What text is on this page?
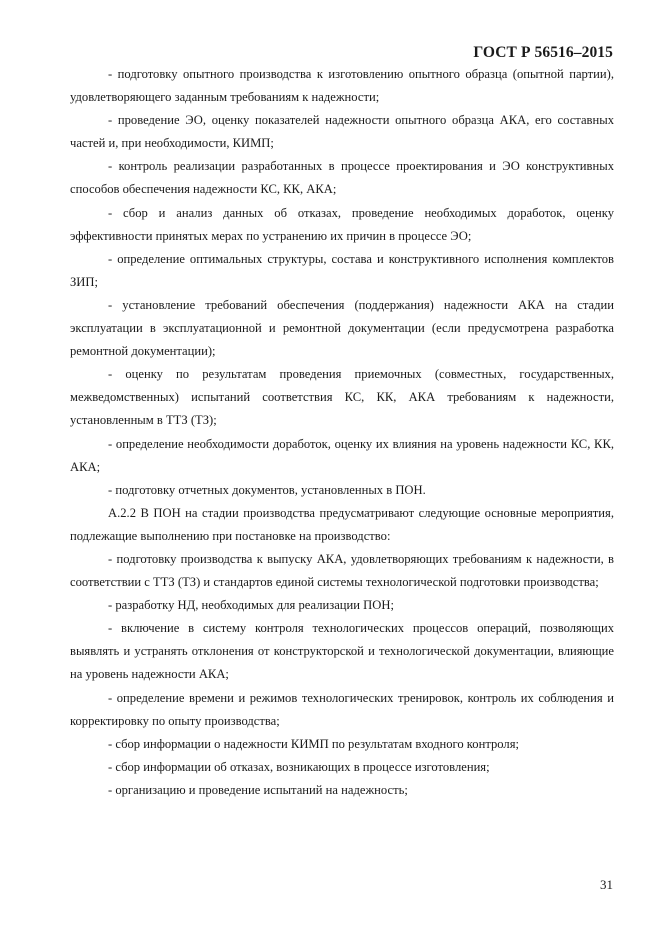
ГОСТ Р 56516–2015

- подготовку опытного производства к изготовлению опытного образца (опытной партии), удовлетворяющего заданным требованиям к надежности;

- проведение ЭО, оценку показателей надежности опытного образца АКА, его составных частей и, при необходимости, КИМП;

- контроль реализации разработанных в процессе проектирования и ЭО конструктивных способов обеспечения надежности КС, КК, АКА;

- сбор и анализ данных об отказах, проведение необходимых доработок, оценку эффективности принятых мерах по устранению их причин в процессе ЭО;

- определение оптимальных структуры, состава и конструктивного исполнения комплектов ЗИП;

- установление требований обеспечения (поддержания) надежности АКА на стадии эксплуатации в эксплуатационной и ремонтной документации (если предусмотрена разработка ремонтной документации);

- оценку по результатам проведения приемочных (совместных, государственных, межведомственных) испытаний соответствия КС, КК, АКА требованиям к надежности, установленным в ТТЗ (ТЗ);

- определение необходимости доработок, оценку их влияния на уровень надежности КС, КК, АКА;

- подготовку отчетных документов, установленных в ПОН.

А.2.2 В ПОН на стадии производства предусматривают следующие основные мероприятия, подлежащие выполнению при постановке на производство:

- подготовку производства к выпуску АКА, удовлетворяющих требованиям к надежности, в соответствии с ТТЗ (ТЗ) и стандартов единой системы технологической подготовки производства;

- разработку НД, необходимых для реализации ПОН;

- включение в систему контроля технологических процессов операций, позволяющих выявлять и устранять отклонения от конструкторской и технологической документации, влияющие на уровень надежности АКА;

- определение времени и режимов технологических тренировок, контроль их соблюдения и корректировку по опыту производства;

- сбор информации о надежности КИМП по результатам входного контроля;

- сбор информации об отказах, возникающих в процессе изготовления;

- организацию и проведение испытаний на надежность;

31
